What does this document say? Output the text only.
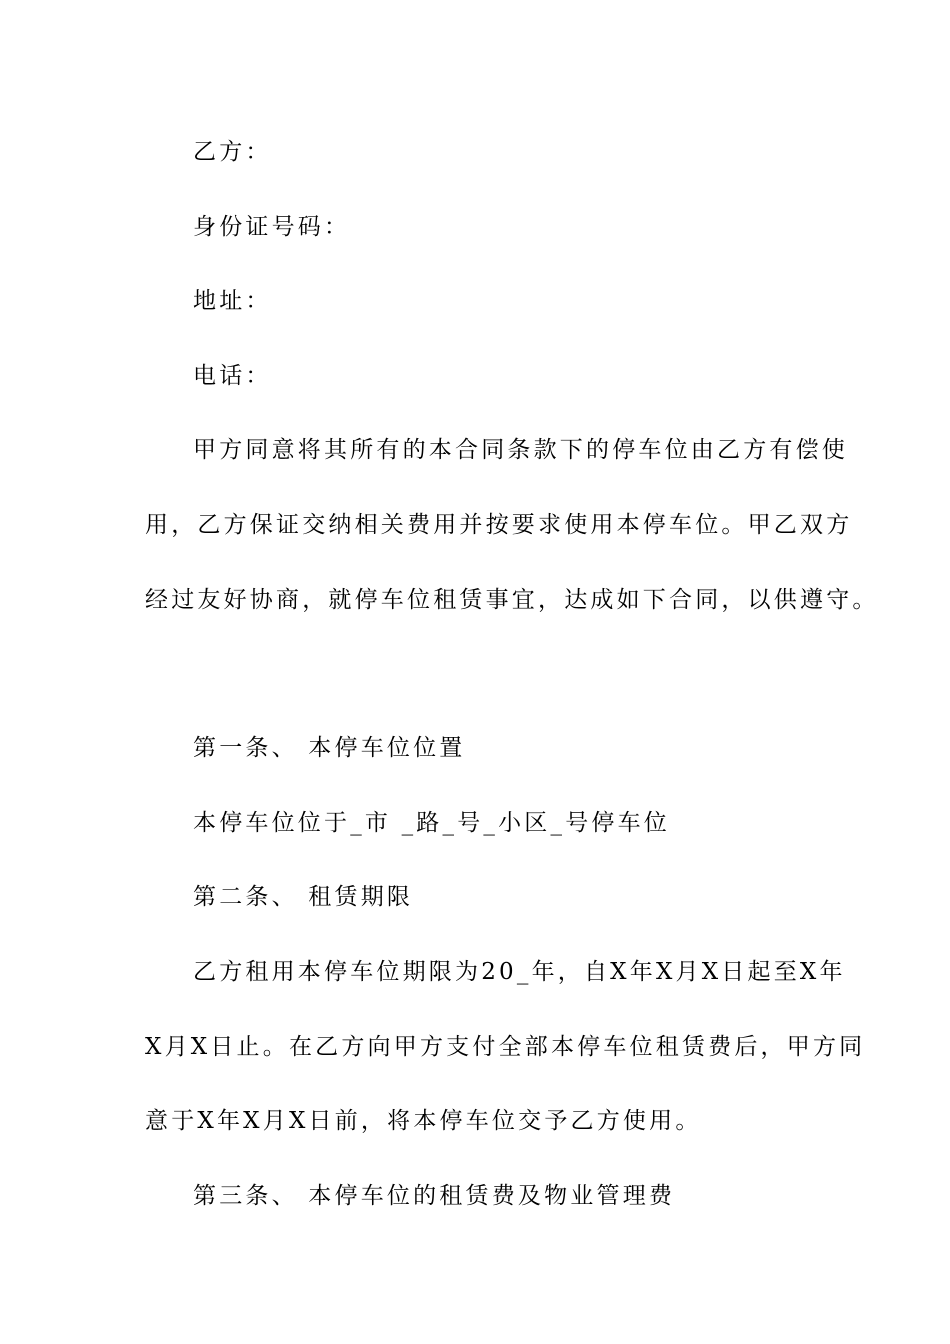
乙方：
身份证号码：
地址：
电话：
甲方同意将其所有的本合同条款下的停车位由乙方有偿使
用，乙方保证交纳相关费用并按要求使用本停车位。甲乙双方
经过友好协商，就停车位租赁事宜，达成如下合同，以供遵守。
第一条、 本停车位位置
本停车位位于_市 _路_号_小区_号停车位
第二条、 租赁期限
乙方租用本停车位期限为20_年，自X年X月X日起至X年
X月X日止。在乙方向甲方支付全部本停车位租赁费后，甲方同
意于X年X月X日前，将本停车位交予乙方使用。
第三条、 本停车位的租赁费及物业管理费
